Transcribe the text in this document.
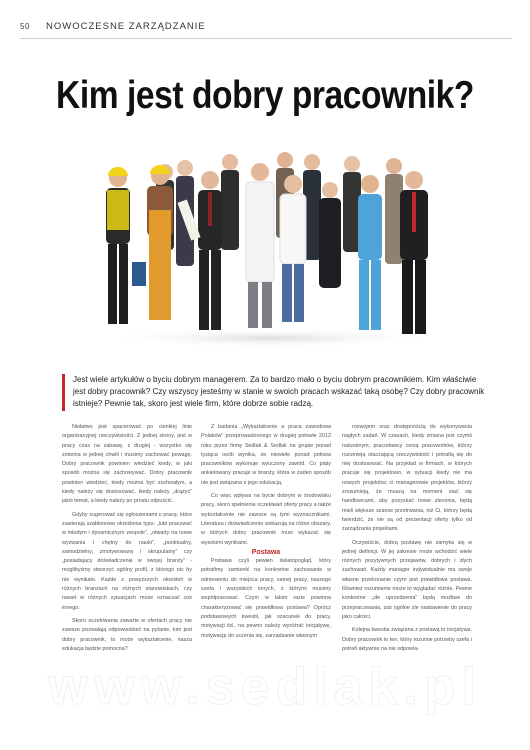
50 NOWOCZESNE ZARZĄDZANIE
Kim jest dobry pracownik?

Jest wiele artykułów o byciu dobrym managerem. Za to bardzo mało o byciu dobrym pracownikiem. Kim właściwie jest dobry pracownik? Czy wszyscy jesteśmy w stanie w swoich pracach wskazać taką osobę? Czy dobry pracownik istnieje? Pewnie tak, skoro jest wiele firm, które dobrze sobie radzą.

Niełatwo jest spacerować po cienkiej linie organizacyjnej rzeczywistości. Z jednej strony, jest w pracy czas na zabawę, z drugiej - wszystko się zmienia w jednej chwili i musimy zachować powagę. Dobry pracownik powinien wiedzieć kiedy, w jaki sposób można się zachowywać. Dobry pracownik powinien wiedzieć, kiedy można być zuchwałym, a kiedy należy się dostosować, kiedy należy „drążyć” jakiś temat, a kiedy należy po prostu odpuścić.

Gdyby sugerować się ogłoszeniami o pracę, które zawierają szablonowe określenia typu: „lubi pracować w młodym i dynamicznym zespole”, „otwarty na nowe wyzwania i chętny do nauki”, „punktualny, samodzielny, zmotywowany i skrupulatny” czy „posiadający doświadczenie w swojej branży” - moglibyśmy stworzyć ogólny profil, z którego nic by nie wynikało. Każde z powyższych określeń w różnych branżach na różnych stanowiskach, czy nawet w różnych sytuacjach może oznaczać coś innego.

Skoro oczekiwania zawarte w ofertach pracy nie zawsze pozwalają odpowiedzieć na pytanie, kim jest dobry pracownik, to może wykształcenie, nasza edukacja będzie pomocna?

Z badania „Wykształcenie a praca zawodowa Polaków” przeprowadzonego w drugiej połowie 2012 roku przez firmę Sedlak & Sedlak na grupie ponad tysiąca osób wynika, że niewiele ponad połowa pracowników wykonuje wyuczony zawód. Co piąty ankietowany pracuje w branży, która w żaden sposób nie jest związana z jego edukacją.

Co więc wpływa na bycie dobrym w środowisku pracy, skoro spełnienie oczekiwań oferty pracy a także wykształcenie nie zawsze są tymi wyznacznikami. Literatura i doświadczenie wskazują na różne obszary, w których dobry pracownik musi wykazać się wysokimi wynikami.

Postawa

Postawa czyli pewien światopogląd, który potrafimy zamienić na konkretne zachowanie w odniesieniu do miejsca pracy, samej pracy, naszego szefa i wszystkich innych, z którymi musimy współpracować. Czym w takim razie powinna charakteryzować się prawidłowa postawa? Oprócz podstawowych kwestii, jak szacunek do pracy, motywacji itd., na pewno należy wyróżnić inicjatywę, motywację do uczenia się, zarządzanie własnym

rozwojem oraz dostępnością do wykonywania nagłych zadań. W czasach, kiedy zmiana jest czymś naturalnym, pracodawcy cenią pracowników, którzy rozumieją otaczającą rzeczywistość i potrafią się do niej dostosować. Na przykład w firmach, w których pracuje się projektowo, w sytuacji kiedy nie ma nowych projektów, ci managerowie projektów, którzy zrozumieją, że muszą na moment stać się handlowcami, aby pozyskać nowe zlecenia, będą mieli większe szanse przetrwania, niż Ci, którzy będą twierdzić, że nie są od prezentacji oferty tylko od zarządzania projektami.

Oczywiście, dobrą postawę nie zamyka się w jednej definicji. W jej zakresie może wchodzić wiele różnych pozytywnych przejawów, dobrych i złych zachowań. Każdy manager indywidualnie ma swoje własne przekonanie czym jest prawidłowa postawa. Również rozumienie może to wyglądać różnie. Pewne konkretne „złe uprzedzenia” będą możliwe do przepracowania, zaś ogólne zle nastawienie do pracy jako całości.

Kolejna kwestia związana z postawą to inicjatywa. Dobry pracownik to ten, który rozumie potrzeby szefa i potrafi aktywnie na nie odpowia-

www.sedlak.pl
